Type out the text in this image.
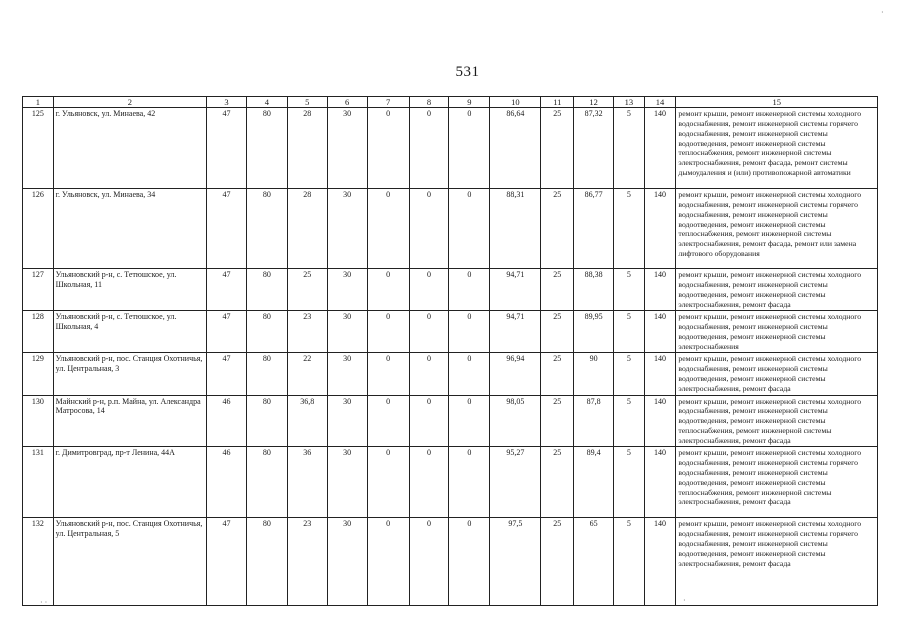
531
1	2	3	4	5	6	7	8	9	10	11	12	13	14	15
125	г. Ульяновск, ул. Минаева, 42	47	80	28	30	0	0	0	86,64	25	87,32	5	140	ремонт крыши, ремонт инженерной системы холодного водоснабжения, ремонт инженерной системы горячего водоснабжения, ремонт инженерной системы водоотведения, ремонт инженерной системы теплоснабжения, ремонт инженерной системы электроснабжения, ремонт фасада, ремонт системы дымоудаления и (или) противопожарной автоматики
126	г. Ульяновск, ул. Минаева, 34	47	80	28	30	0	0	0	88,31	25	86,77	5	140	ремонт крыши, ремонт инженерной системы холодного водоснабжения, ремонт инженерной системы горячего водоснабжения, ремонт инженерной системы водоотведения, ремонт инженерной системы теплоснабжения, ремонт инженерной системы электроснабжения, ремонт фасада, ремонт или замена лифтового оборудования
127	Ульяновский р-н, с. Тетюшское, ул. Школьная, 11	47	80	25	30	0	0	0	94,71	25	88,38	5	140	ремонт крыши, ремонт инженерной системы холодного водоснабжения, ремонт инженерной системы водоотведения, ремонт инженерной системы электроснабжения, ремонт фасада
128	Ульяновский р-н, с. Тетюшское, ул. Школьная, 4	47	80	23	30	0	0	0	94,71	25	89,95	5	140	ремонт крыши, ремонт инженерной системы холодного водоснабжения, ремонт инженерной системы водоотведения, ремонт инженерной системы электроснабжения
129	Ульяновский р-н, пос. Станция Охотничья, ул. Центральная, 3	47	80	22	30	0	0	0	96,94	25	90	5	140	ремонт крыши, ремонт инженерной системы холодного водоснабжения, ремонт инженерной системы водоотведения, ремонт инженерной системы электроснабжения, ремонт фасада
130	Майнский р-н, р.п. Майна, ул. Александра Матросова, 14	46	80	36,8	30	0	0	0	98,05	25	87,8	5	140	ремонт крыши, ремонт инженерной системы холодного водоснабжения, ремонт инженерной системы водоотведения, ремонт инженерной системы теплоснабжения, ремонт инженерной системы электроснабжения, ремонт фасада
131	г. Димитровград, пр-т Ленина, 44А	46	80	36	30	0	0	0	95,27	25	89,4	5	140	ремонт крыши, ремонт инженерной системы холодного водоснабжения, ремонт инженерной системы горячего водоснабжения, ремонт инженерной системы водоотведения, ремонт инженерной системы теплоснабжения, ремонт инженерной системы электроснабжения, ремонт фасада
132	Ульяновский р-н, пос. Станция Охотничья, ул. Центральная, 5	47	80	23	30	0	0	0	97,5	25	65	5	140	ремонт крыши, ремонт инженерной системы холодного водоснабжения, ремонт инженерной системы горячего водоснабжения, ремонт инженерной системы водоотведения, ремонт инженерной системы электроснабжения, ремонт фасада
·
· ·	·
